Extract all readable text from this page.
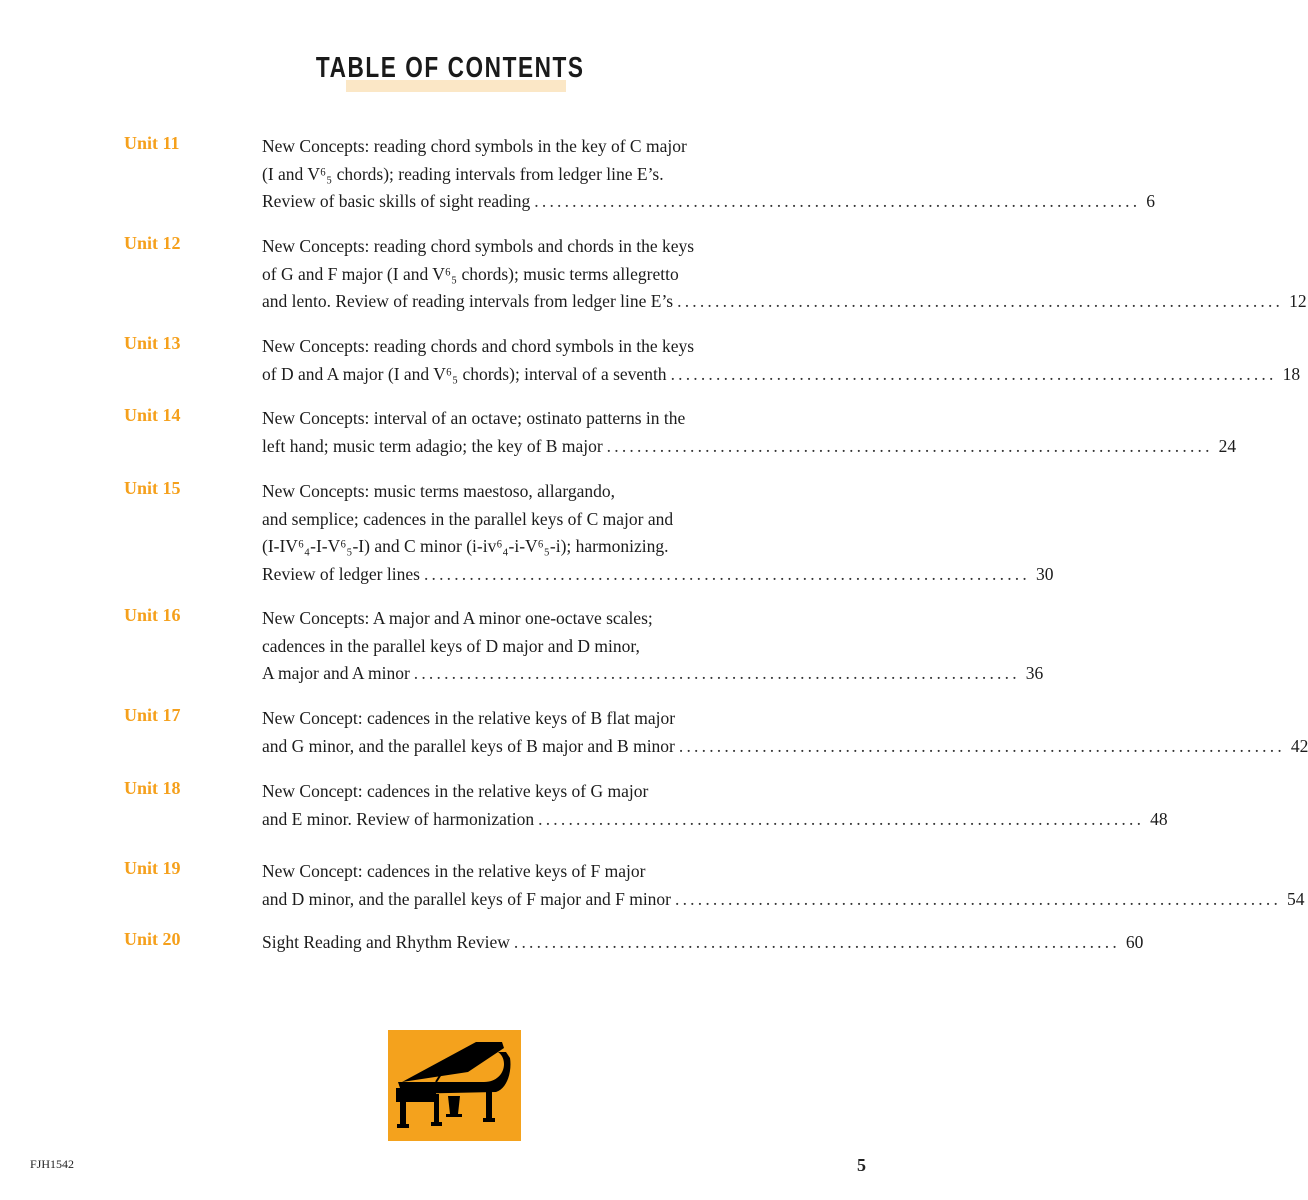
TABLE OF CONTENTS
Unit 11	New Concepts: reading chord symbols in the key of C major
(I and V⁶₅ chords); reading intervals from ledger line E’s.
Review of basic skills of sight reading ................................................................................ 6
Unit 12	New Concepts: reading chord symbols and chords in the keys
of G and F major (I and V⁶₅ chords); music terms allegretto
and lento. Review of reading intervals from ledger line E’s ................................................................................ 12
Unit 13	New Concepts: reading chords and chord symbols in the keys
of D and A major (I and V⁶₅ chords); interval of a seventh ................................................................................ 18
Unit 14	New Concepts: interval of an octave; ostinato patterns in the
left hand; music term adagio; the key of B major ................................................................................ 24
Unit 15	New Concepts: music terms maestoso, allargando,
and semplice; cadences in the parallel keys of C major and
(I-IV⁶₄-I-V⁶₅-I) and C minor (i-iv⁶₄-i-V⁶₅-i); harmonizing.
Review of ledger lines ................................................................................ 30
Unit 16	New Concepts: A major and A minor one-octave scales;
cadences in the parallel keys of D major and D minor,
A major and A minor ................................................................................ 36
Unit 17	New Concept: cadences in the relative keys of B flat major
and G minor, and the parallel keys of B major and B minor ................................................................................ 42
Unit 18	New Concept: cadences in the relative keys of G major
and E minor. Review of harmonization ................................................................................ 48
Unit 19	New Concept: cadences in the relative keys of F major
and D minor, and the parallel keys of F major and F minor ................................................................................ 54
Unit 20	Sight Reading and Rhythm Review ................................................................................ 60
FJH1542	5
